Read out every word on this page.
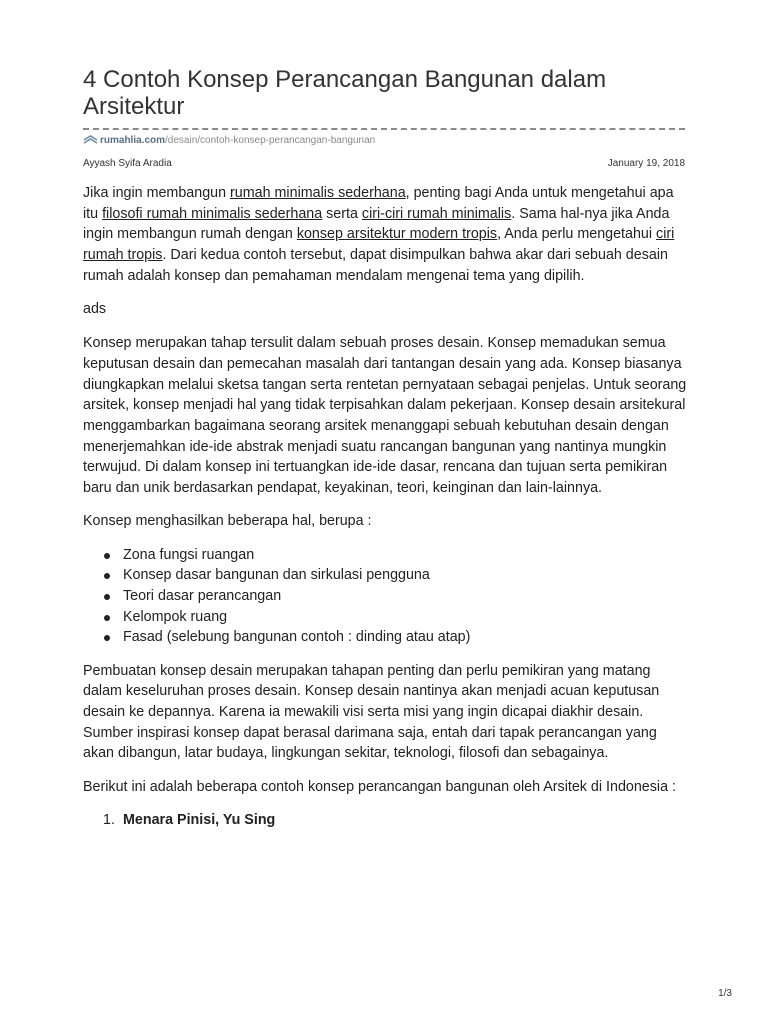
4 Contoh Konsep Perancangan Bangunan dalam Arsitektur
rumahlia.com/desain/contoh-konsep-perancangan-bangunan
Ayyash Syifa Aradia	January 19, 2018

Jika ingin membangun rumah minimalis sederhana, penting bagi Anda untuk mengetahui apa itu filosofi rumah minimalis sederhana serta ciri-ciri rumah minimalis. Sama hal-nya jika Anda ingin membangun rumah dengan konsep arsitektur modern tropis, Anda perlu mengetahui ciri rumah tropis. Dari kedua contoh tersebut, dapat disimpulkan bahwa akar dari sebuah desain rumah adalah konsep dan pemahaman mendalam mengenai tema yang dipilih.

ads

Konsep merupakan tahap tersulit dalam sebuah proses desain. Konsep memadukan semua keputusan desain dan pemecahan masalah dari tantangan desain yang ada. Konsep biasanya diungkapkan melalui sketsa tangan serta rentetan pernyataan sebagai penjelas. Untuk seorang arsitek, konsep menjadi hal yang tidak terpisahkan dalam pekerjaan. Konsep desain arsitekural menggambarkan bagaimana seorang arsitek menanggapi sebuah kebutuhan desain dengan menerjemahkan ide-ide abstrak menjadi suatu rancangan bangunan yang nantinya mungkin terwujud. Di dalam konsep ini tertuangkan ide-ide dasar, rencana dan tujuan serta pemikiran baru dan unik berdasarkan pendapat, keyakinan, teori, keinginan dan lain-lainnya.

Konsep menghasilkan beberapa hal, berupa :

Zona fungsi ruangan
Konsep dasar bangunan dan sirkulasi pengguna
Teori dasar perancangan
Kelompok ruang
Fasad (selebung bangunan contoh : dinding atau atap)

Pembuatan konsep desain merupakan tahapan penting dan perlu pemikiran yang matang dalam keseluruhan proses desain. Konsep desain nantinya akan menjadi acuan keputusan desain ke depannya. Karena ia mewakili visi serta misi yang ingin dicapai diakhir desain. Sumber inspirasi konsep dapat berasal darimana saja, entah dari tapak perancangan yang akan dibangun, latar budaya, lingkungan sekitar, teknologi, filosofi dan sebagainya.

Berikut ini adalah beberapa contoh konsep perancangan bangunan oleh Arsitek di Indonesia :

1. Menara Pinisi, Yu Sing
1/3
